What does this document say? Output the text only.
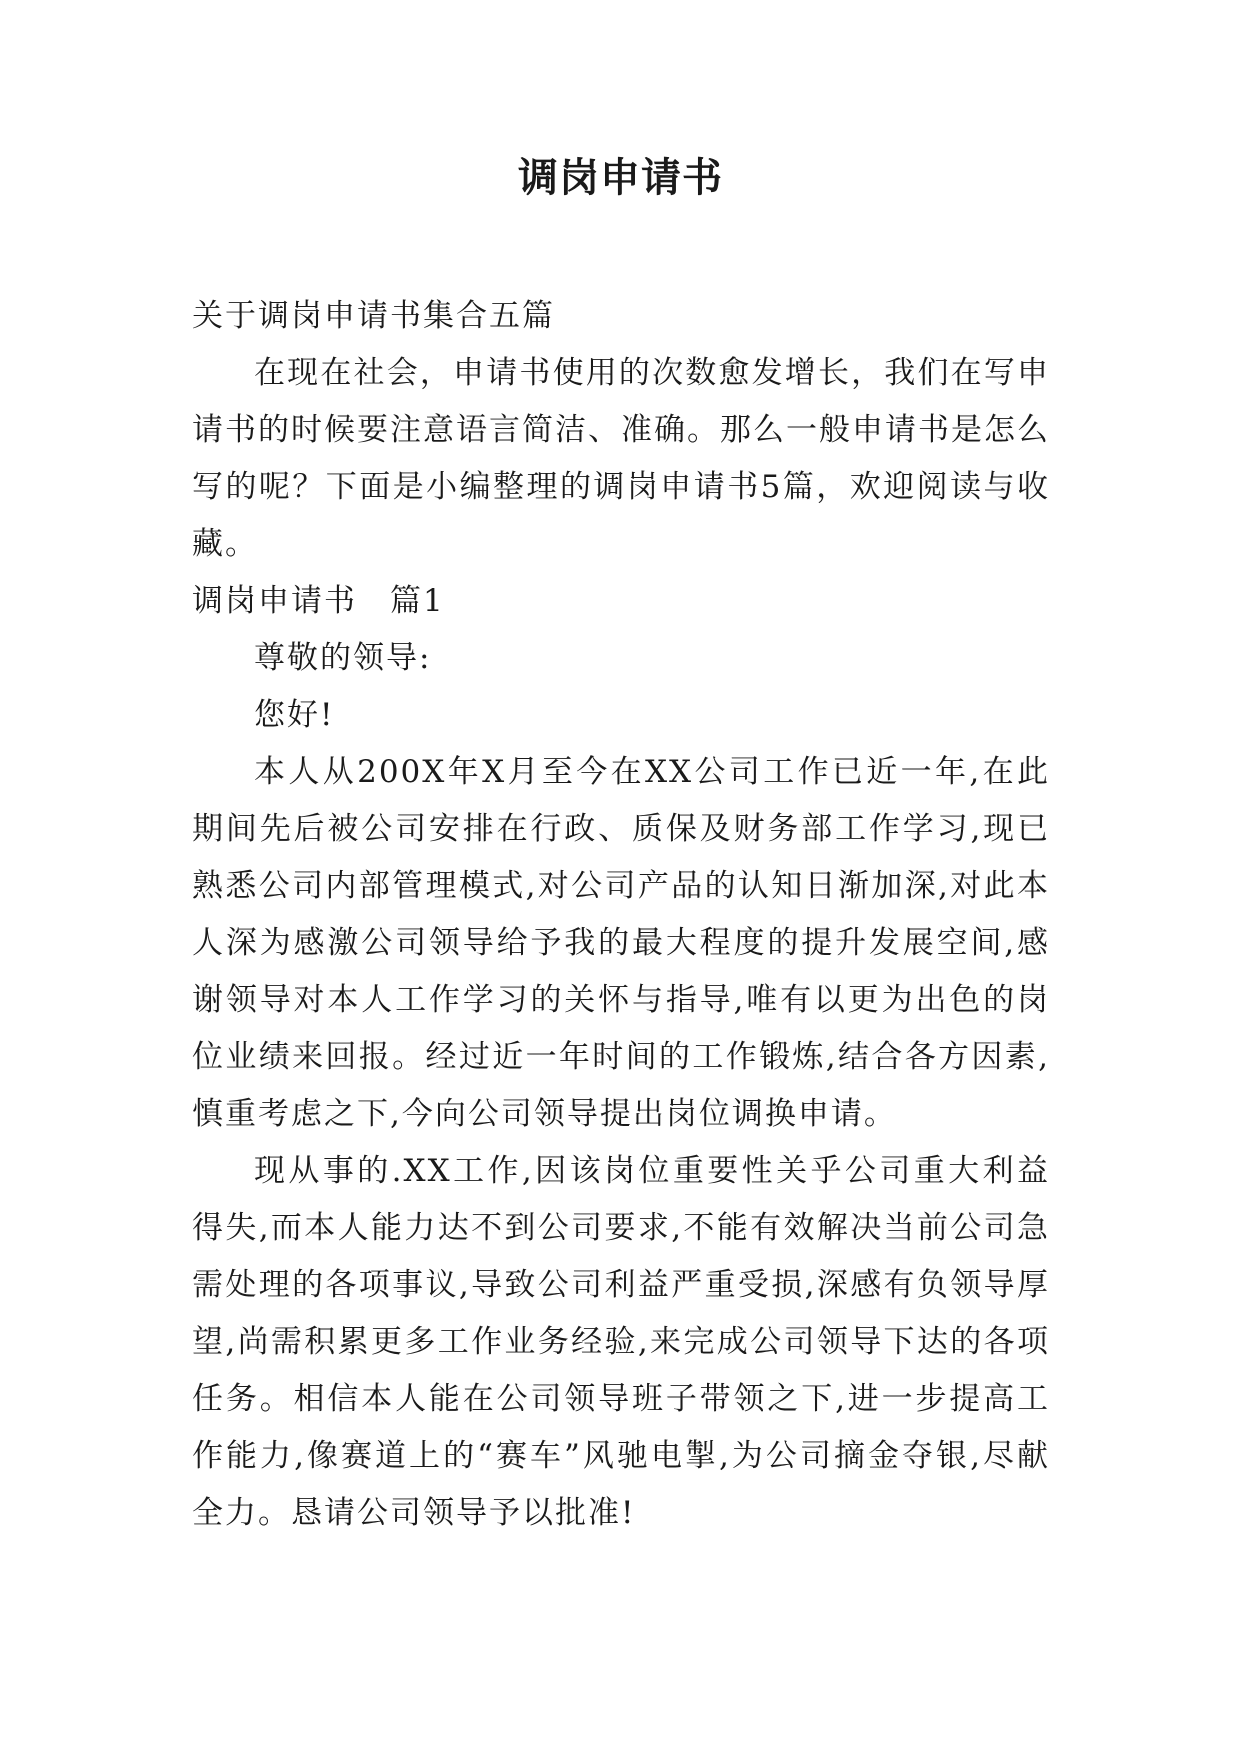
调岗申请书

关于调岗申请书集合五篇

在现在社会，申请书使用的次数愈发增长，我们在写申请书的时候要注意语言简洁、准确。那么一般申请书是怎么写的呢？下面是小编整理的调岗申请书5篇，欢迎阅读与收藏。

调岗申请书　篇1

尊敬的领导:

您好!

本人从200X年X月至今在XX公司工作已近一年,在此期间先后被公司安排在行政、质保及财务部工作学习,现已熟悉公司内部管理模式,对公司产品的认知日渐加深,对此本人深为感激公司领导给予我的最大程度的提升发展空间,感谢领导对本人工作学习的关怀与指导,唯有以更为出色的岗位业绩来回报。经过近一年时间的工作锻炼,结合各方因素,慎重考虑之下,今向公司领导提出岗位调换申请。

现从事的.XX工作,因该岗位重要性关乎公司重大利益得失,而本人能力达不到公司要求,不能有效解决当前公司急需处理的各项事议,导致公司利益严重受损,深感有负领导厚望,尚需积累更多工作业务经验,来完成公司领导下达的各项任务。相信本人能在公司领导班子带领之下,进一步提高工作能力,像赛道上的“赛车”风驰电掣,为公司摘金夺银,尽献全力。恳请公司领导予以批准!
